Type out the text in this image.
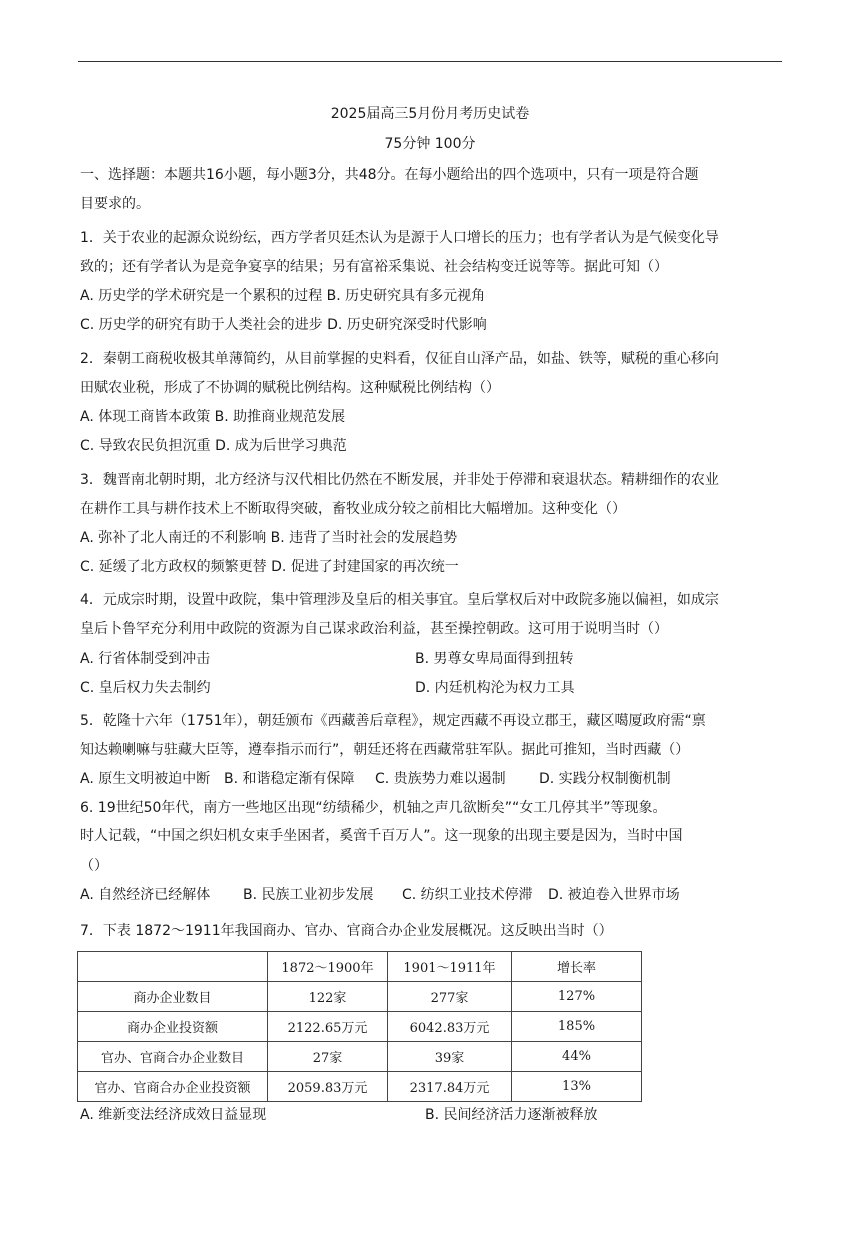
2025届高三5月份月考历史试卷
75分钟 100分
一、选择题：本题共16小题，每小题3分，共48分。在每小题给出的四个选项中，只有一项是符合题
目要求的。
1．关于农业的起源众说纷纭，西方学者贝廷杰认为是源于人口增长的压力；也有学者认为是气候变化导
致的；还有学者认为是竞争宴享的结果；另有富裕采集说、社会结构变迁说等等。据此可知（）
A. 历史学的学术研究是一个累积的过程 B. 历史研究具有多元视角
C. 历史学的研究有助于人类社会的进步 D. 历史研究深受时代影响
2．秦朝工商税收极其单薄简约，从目前掌握的史料看，仅征自山泽产品，如盐、铁等，赋税的重心移向
田赋农业税，形成了不协调的赋税比例结构。这种赋税比例结构（）
A. 体现工商皆本政策 B. 助推商业规范发展
C. 导致农民负担沉重 D. 成为后世学习典范
3．魏晋南北朝时期，北方经济与汉代相比仍然在不断发展，并非处于停滞和衰退状态。精耕细作的农业
在耕作工具与耕作技术上不断取得突破，畜牧业成分较之前相比大幅增加。这种变化（）
A. 弥补了北人南迁的不利影响 B. 违背了当时社会的发展趋势
C. 延缓了北方政权的频繁更替 D. 促进了封建国家的再次统一
4．元成宗时期，设置中政院，集中管理涉及皇后的相关事宜。皇后掌权后对中政院多施以偏袒，如成宗
皇后卜鲁罕充分利用中政院的资源为自己谋求政治利益，甚至操控朝政。这可用于说明当时（）
A. 行省体制受到冲击	B. 男尊女卑局面得到扭转
C. 皇后权力失去制约	D. 内廷机构沦为权力工具
5．乾隆十六年（1751年），朝廷颁布《西藏善后章程》，规定西藏不再设立郡王，藏区噶厦政府需“禀
知达赖喇嘛与驻藏大臣等，遵奉指示而行”，朝廷还将在西藏常驻军队。据此可推知，当时西藏（）
A. 原生文明被迫中断 B. 和谐稳定渐有保障 C. 贵族势力难以遏制 D. 实践分权制衡机制
6. 19世纪50年代，南方一些地区出现“纺绩稀少，机轴之声几欲断矣”“女工几停其半”等现象。
时人记载，“中国之织妇机女束手坐困者，奚啻千百万人”。这一现象的出现主要是因为，当时中国
（）
A. 自然经济已经解体 B. 民族工业初步发展 C. 纺织工业技术停滞 D. 被迫卷入世界市场
7．下表 1872～1911年我国商办、官办、官商合办企业发展概况。这反映出当时（）
	1872～1900年	1901～1911年	增长率
商办企业数目	122家	277家	127%
商办企业投资额	2122.65万元	6042.83万元	185%
官办、官商合办企业数目	27家	39家	44%
官办、官商合办企业投资额	2059.83万元	2317.84万元	13%
A. 维新变法经济成效日益显现	B. 民间经济活力逐渐被释放
